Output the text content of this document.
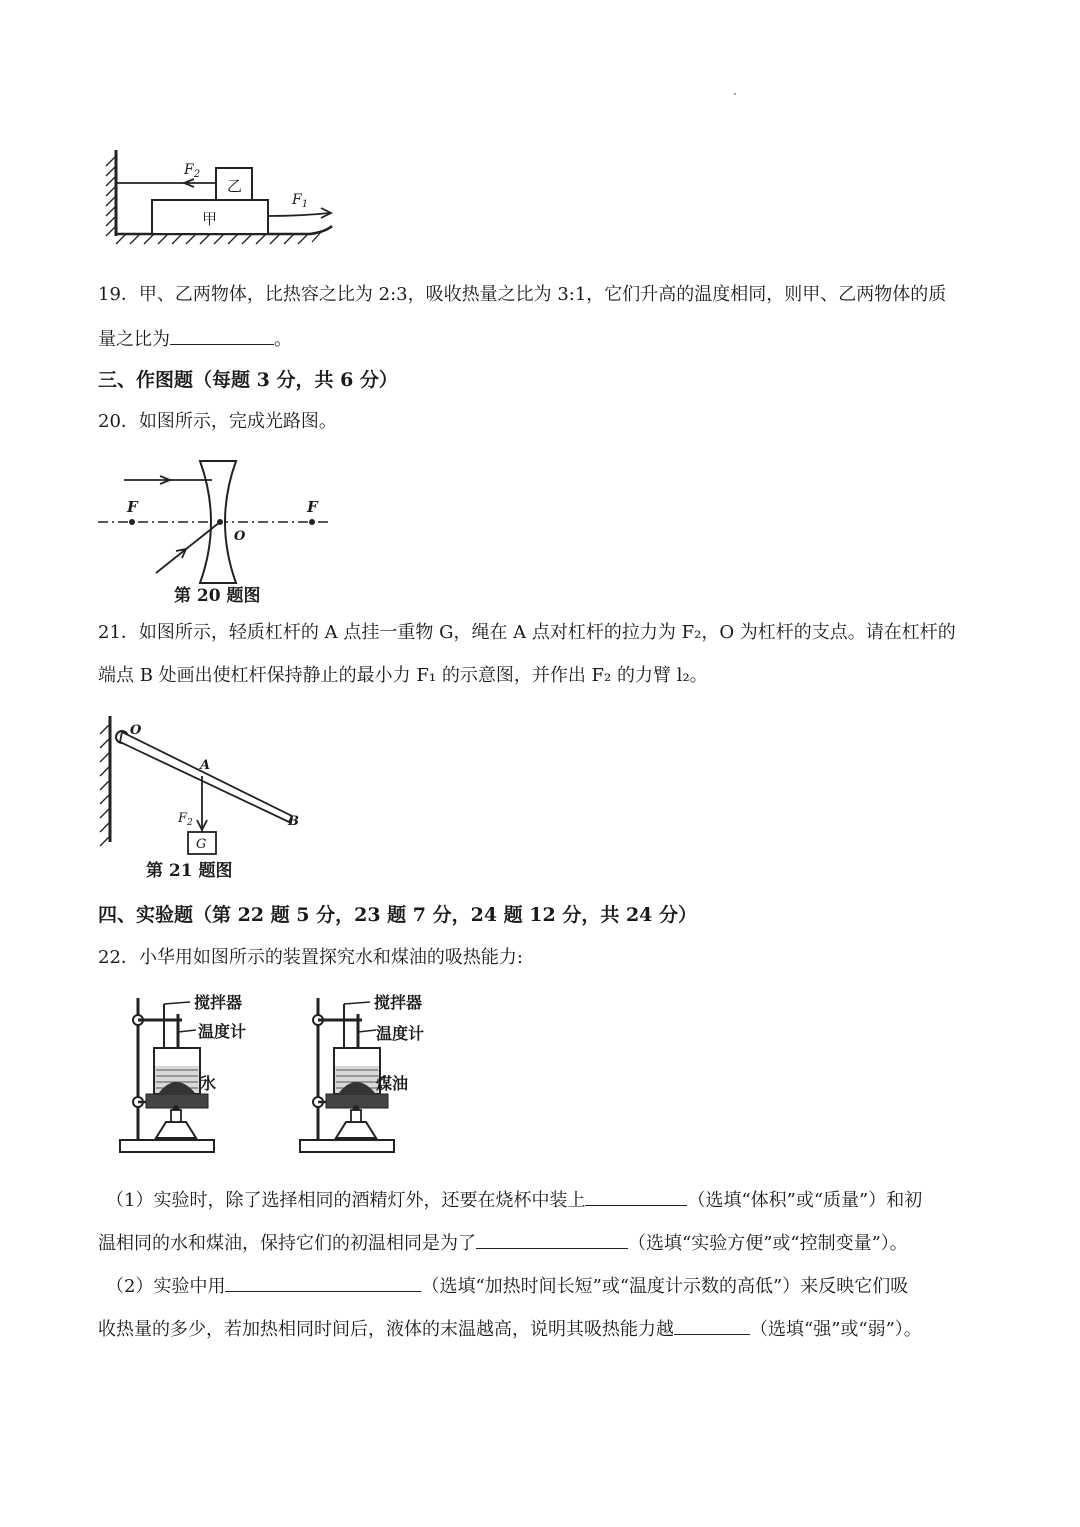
甲
乙
$F_2$
$F_1$
19．甲、乙两物体，比热容之比为 2:3，吸收热量之比为 3:1，它们升高的温度相同，则甲、乙两物体的质
量之比为	。
三、作图题（每题 3 分，共 6 分）
20．如图所示，完成光路图。
F	F
O
第 20 题图
21．如图所示，轻质杠杆的 A 点挂一重物 G，绳在 A 点对杠杆的拉力为 F₂，O 为杠杆的支点。请在杠杆的
端点 B 处画出使杠杆保持静止的最小力 F₁ 的示意图，并作出 F₂ 的力臂 l₂。
O
A
B
$F_2$
G
第 21 题图
四、实验题（第 22 题 5 分，23 题 7 分，24 题 12 分，共 24 分）
22．小华用如图所示的装置探究水和煤油的吸热能力:
搅拌器
温度计
水
搅拌器
温度计
煤油
（1）实验时，除了选择相同的酒精灯外，还要在烧杯中装上	（选填“体积”或“质量”）和初
温相同的水和煤油，保持它们的初温相同是为了	（选填“实验方便”或“控制变量”）。
（2）实验中用	（选填“加热时间长短”或“温度计示数的高低”）来反映它们吸
收热量的多少，若加热相同时间后，液体的末温越高，说明其吸热能力越	（选填“强”或“弱”）。
